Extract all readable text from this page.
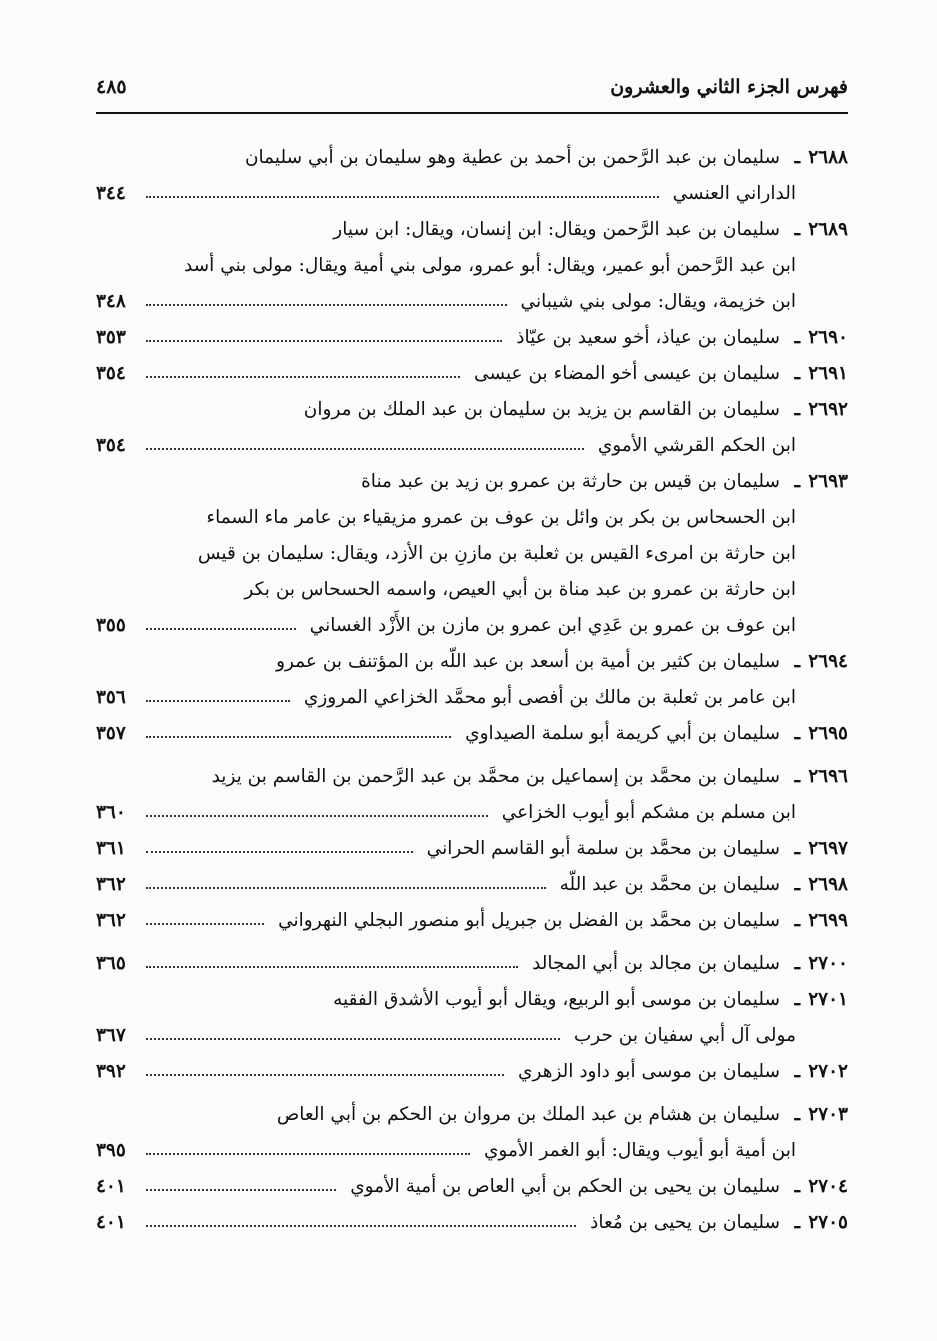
فهرس الجزء الثاني والعشرون
٤٨٥
٢٦٨٨
ـ
سليمان بن عبد الرَّحمن بن أحمد بن عطية وهو سليمان بن أبي سليمان
الداراني العنسي
٣٤٤
٢٦٨٩
ـ
سليمان بن عبد الرَّحمن ويقال: ابن إنسان، ويقال: ابن سيار
ابن عبد الرَّحمن أبو عمير، ويقال: أبو عمرو، مولى بني أمية ويقال: مولى بني أسد
ابن خزيمة، ويقال: مولى بني شيباني
٣٤٨
٢٦٩٠
ـ
سليمان بن عياذ، أخو سعيد بن عيّاذ
٣٥٣
٢٦٩١
ـ
سليمان بن عيسى أخو المضاء بن عيسى
٣٥٤
٢٦٩٢
ـ
سليمان بن القاسم بن يزيد بن سليمان بن عبد الملك بن مروان
ابن الحكم القرشي الأموي
٣٥٤
٢٦٩٣
ـ
سليمان بن قيس بن حارثة بن عمرو بن زيد بن عبد مناة
ابن الحسحاس بن بكر بن وائل بن عوف بن عمرو مزيقياء بن عامر ماء السماء
ابن حارثة بن امرىء القيس بن ثعلبة بن مازنِ بن الأزد، ويقال: سليمان بن قيس
ابن حارثة بن عمرو بن عبد مناة بن أبي العيص، واسمه الحسحاس بن بكر
ابن عوف بن عمرو بن عَدِي ابن عمرو بن مازن بن الأَزْد الغساني
٣٥٥
٢٦٩٤
ـ
سليمان بن كثير بن أمية بن أسعد بن عبد اللّه بن المؤتنف بن عمرو
ابن عامر بن ثعلبة بن مالك بن أفصى أبو محمَّد الخزاعي المروزي
٣٥٦
٢٦٩٥
ـ
سليمان بن أبي كريمة أبو سلمة الصيداوي
٣٥٧
٢٦٩٦
ـ
سليمان بن محمَّد بن إسماعيل بن محمَّد بن عبد الرَّحمن بن القاسم بن يزيد
ابن مسلم بن مشكم أبو أيوب الخزاعي
٣٦٠
٢٦٩٧
ـ
سليمان بن محمَّد بن سلمة أبو القاسم الحراني
٣٦١
٢٦٩٨
ـ
سليمان بن محمَّد بن عبد اللّه
٣٦٢
٢٦٩٩
ـ
سليمان بن محمَّد بن الفضل بن جبريل أبو منصور البجلي النهرواني
٣٦٢
٢٧٠٠
ـ
سليمان بن مجالد بن أبي المجالد
٣٦٥
٢٧٠١
ـ
سليمان بن موسى أبو الربيع، ويقال أبو أيوب الأشدق الفقيه
مولى آل أبي سفيان بن حرب
٣٦٧
٢٧٠٢
ـ
سليمان بن موسى أبو داود الزهري
٣٩٢
٢٧٠٣
ـ
سليمان بن هشام بن عبد الملك بن مروان بن الحكم بن أبي العاص
ابن أمية أبو أيوب ويقال: أبو الغمر الأموي
٣٩٥
٢٧٠٤
ـ
سليمان بن يحيى بن الحكم بن أبي العاص بن أمية الأموي
٤٠١
٢٧٠٥
ـ
سليمان بن يحيى بن مُعاذ
٤٠١
